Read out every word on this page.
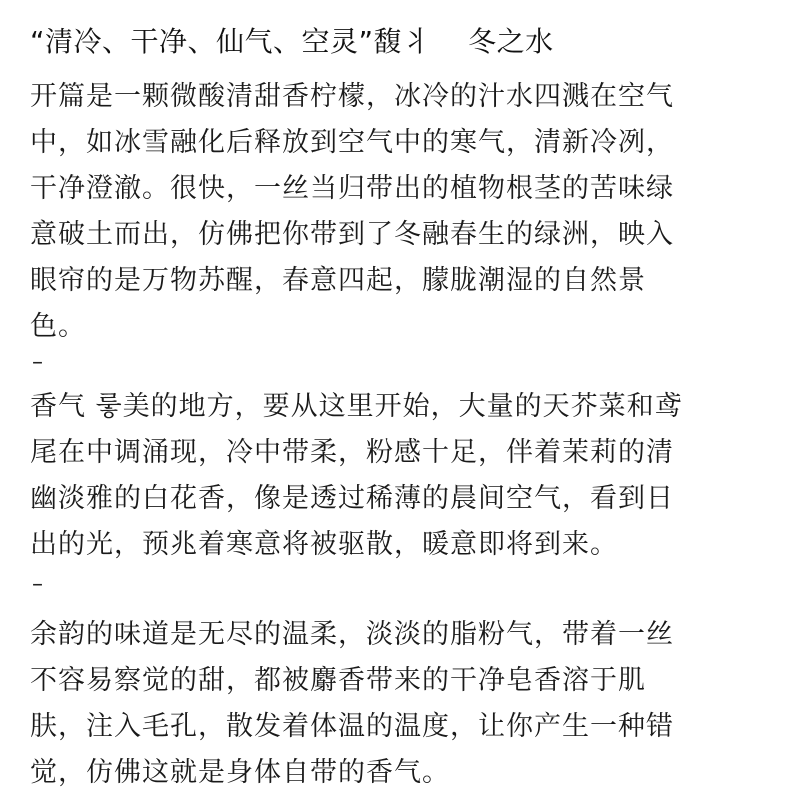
“清冷、干净、仙气、空灵”馥丬    冬之水
开篇是一颗微酸清甜香柠檬，冰冷的汁水四溅在空气
中，如冰雪融化后释放到空气中的寒气，清新冷冽，
干净澄澈。很快，一丝当归带出的植物根茎的苦味绿
意破土而出，仿佛把你带到了冬融春生的绿洲，映入
眼帘的是万物苏醒，春意四起，朦胧潮湿的自然景
色。
–
香气 뤃美的地方，要从这里开始，大量的天芥菜和鸢
尾在中调涌现，冷中带柔，粉感十足，伴着茉莉的清
幽淡雅的白花香，像是透过稀薄的晨间空气，看到日
出的光，预兆着寒意将被驱散，暖意即将到来。
–
余韵的味道是无尽的温柔，淡淡的脂粉气，带着一丝
不容易察觉的甜，都被麝香带来的干净皂香溶于肌
肤，注入毛孔，散发着体温的温度，让你产生一种错
觉，仿佛这就是身体自带的香气。
